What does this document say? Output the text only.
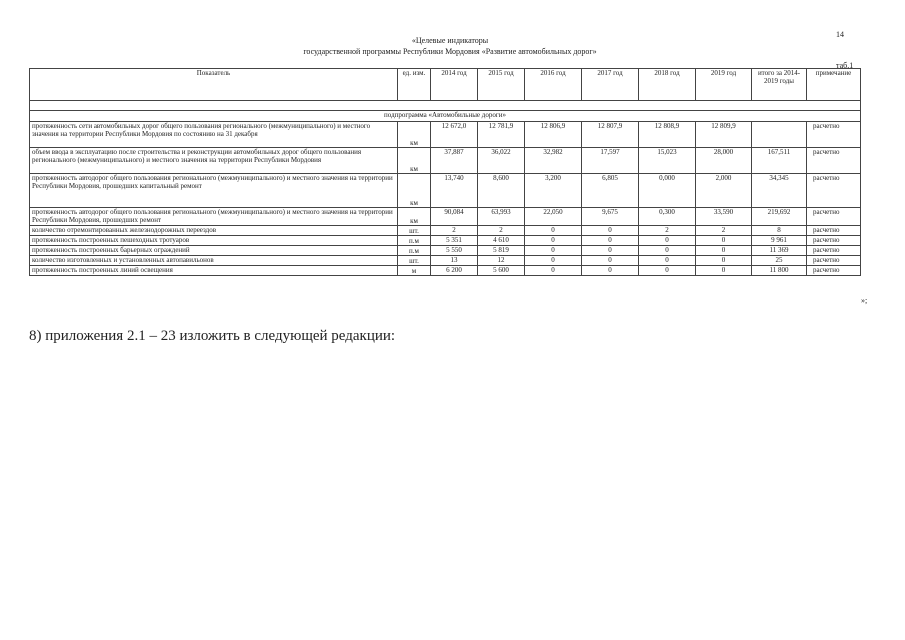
14
«Целевые индикаторы
государственной программы Республики Мордовия «Развитие автомобильных дорог»
таб.1
Показатель	ед. изм.	2014 год	2015 год	2016 год	2017 год	2018 год	2019 год	итого за 2014-2019 годы	примечание

подпрограмма «Автомобильные дороги»									
протяженность сети автомобильных дорог общего пользования регионального (межмуниципального) и местного значения на территории Республики Мордовия по состоянию на 31 декабря	км	12 672,0	12 781,9	12 806,9	12 807,9	12 808,9	12 809,9		расчетно
объем ввода в эксплуатацию после строительства и реконструкции автомобильных дорог общего пользования регионального (межмуниципального) и местного значения на территории Республики Мордовия	км	37,887	36,022	32,982	17,597	15,023	28,000	167,511	расчетно
протяженность автодорог общего пользования регионального (межмуниципального) и местного значения на территории Республики Мордовия, прошедших капитальный ремонт	км	13,740	8,600	3,200	6,805	0,000	2,000	34,345	расчетно
протяженность автодорог общего пользования регионального (межмуниципального) и местного значения на территории Республики Мордовия, прошедших ремонт	км	90,084	63,993	22,050	9,675	0,300	33,590	219,692	расчетно
количество отремонтированных железнодорожных переездов	шт.	2	2	0	0	2	2	8	расчетно
протяженность построенных пешеходных тротуаров	п.м	5 351	4 610	0	0	0	0	9 961	расчетно
протяженность построенных барьерных ограждений	п.м	5 550	5 819	0	0	0	0	11 369	расчетно
количество изготовленных и установленных автопавильонов	шт.	13	12	0	0	0	0	25	расчетно
протяженность построенных линий освещения	м	6 200	5 600	0	0	0	0	11 800	расчетно
»;
8) приложения 2.1 – 23 изложить в следующей редакции:
